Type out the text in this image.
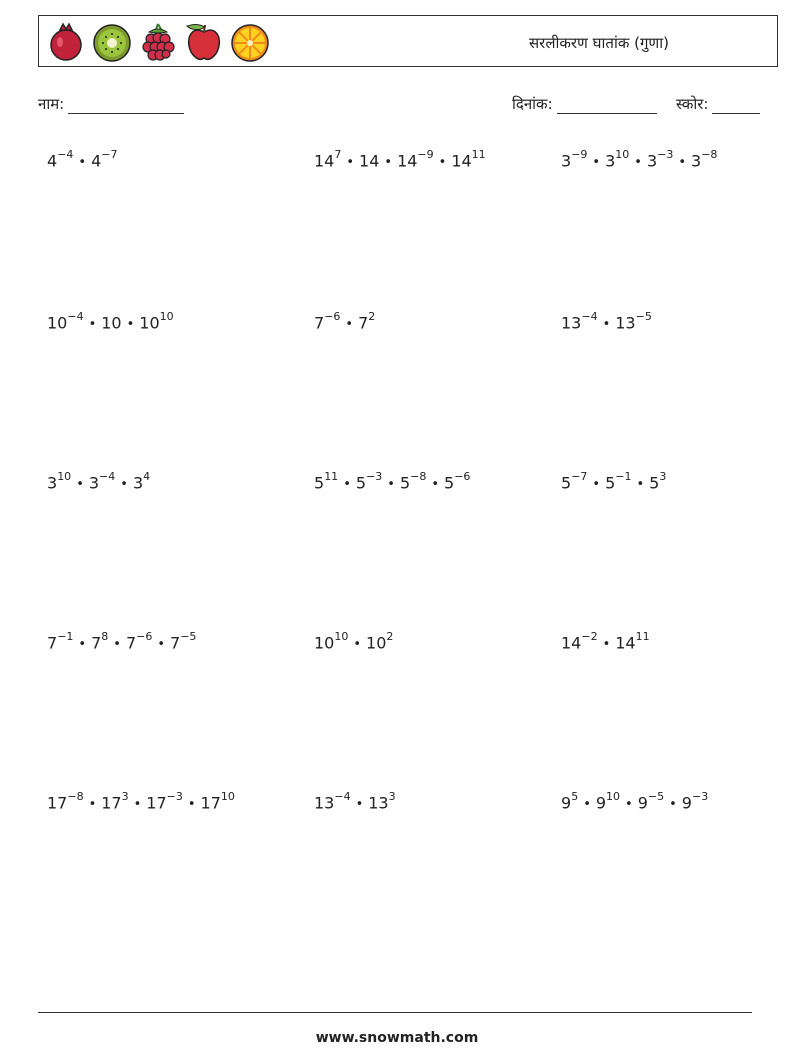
सरलीकरण घातांक (गुणा)
नाम:	दिनांक:	स्कोर:
$4^{-4}•$ $4^{-7}$	$14^7•$ 14 • $14^{-9}•$ $14^{11}$	$3^{-9}•$ $3^{10}•$ $3^{-3}•$ $3^{-8}$
$10^{-4}•$ 10 • $10^{10}$	$7^{-6}•$ $7^2$	$13^{-4}•$ $13^{-5}$
$3^{10}•$ $3^{-4}•$ $3^4$	$5^{11}•$ $5^{-3}•$ $5^{-8}•$ $5^{-6}$	$5^{-7}•$ $5^{-1}•$ $5^3$
$7^{-1}•$ $7^8•$ $7^{-6}•$ $7^{-5}$	$10^{10}•$ $10^2$	$14^{-2}•$ $14^{11}$
$17^{-8}•$ $17^3•$ $17^{-3}•$ $17^{10}$	$13^{-4}•$ $13^3$	$9^5•$ $9^{10}•$ $9^{-5}•$ $9^{-3}$
www.snowmath.com
